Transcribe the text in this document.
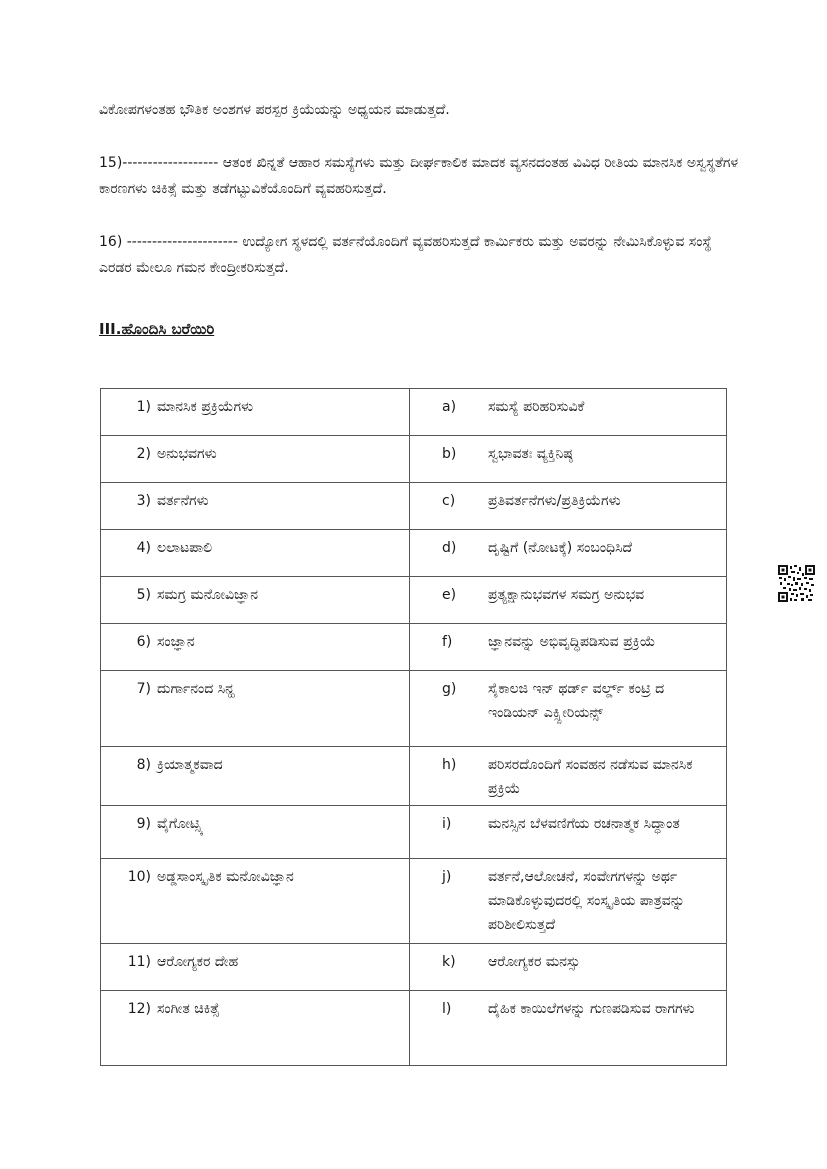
ವಿಕೋಪಗಳಂತಹ ಭೌತಿಕ ಅಂಶಗಳ ಪರಸ್ಪರ ಕ್ರಿಯೆಯನ್ನು ಅಧ್ಯಯನ ಮಾಡುತ್ತದೆ.

15)------------------- ಆತಂಕ ಖಿನ್ನತೆ ಆಹಾರ ಸಮಸ್ಯೆಗಳು ಮತ್ತು ದೀರ್ಘಕಾಲಿಕ ಮಾದಕ ವ್ಯಸನದಂತಹ ವಿವಿಧ ರೀತಿಯ ಮಾನಸಿಕ ಅಸ್ವಸ್ಥತೆಗಳ ಕಾರಣಗಳು ಚಿಕಿತ್ಸೆ ಮತ್ತು ತಡೆಗಟ್ಟುವಿಕೆಯೊಂದಿಗೆ ವ್ಯವಹರಿಸುತ್ತದೆ.

16) ---------------------- ಉದ್ಯೋಗ ಸ್ಥಳದಲ್ಲಿ ವರ್ತನೆಯೊಂದಿಗೆ ವ್ಯವಹರಿಸುತ್ತದೆ ಕಾರ್ಮಿಕರು ಮತ್ತು ಅವರನ್ನು ನೇಮಿಸಿಕೊಳ್ಳುವ ಸಂಸ್ಥೆ ಎರಡರ ಮೇಲೂ ಗಮನ ಕೇಂದ್ರೀಕರಿಸುತ್ತದೆ.

III.ಹೊಂದಿಸಿ ಬರೆಯಿರಿ

1) ಮಾನಸಿಕ ಪ್ರಕ್ರಿಯೆಗಳು	a) ಸಮಸ್ಯೆ ಪರಿಹರಿಸುವಿಕೆ

2) ಅನುಭವಗಳು	b) ಸ್ವಭಾವತಃ ವ್ಯಕ್ತಿನಿಷ್ಠ

3) ವರ್ತನೆಗಳು	c) ಪ್ರತಿವರ್ತನೆಗಳು/ಪ್ರತಿಕ್ರಿಯೆಗಳು

4) ಲಲಾಟಪಾಲಿ	d) ದೃಷ್ಟಿಗೆ (ನೋಟಕ್ಕೆ) ಸಂಬಂಧಿಸಿದೆ

5) ಸಮಗ್ರ ಮನೋವಿಜ್ಞಾನ	e) ಪ್ರತ್ಯಕ್ಷಾನುಭವಗಳ ಸಮಗ್ರ ಅನುಭವ

6) ಸಂಜ್ಞಾನ	f) ಜ್ಞಾನವನ್ನು ಅಭಿವೃದ್ಧಿಪಡಿಸುವ ಪ್ರಕ್ರಿಯೆ

7) ದುರ್ಗಾನಂದ ಸಿನ್ಹ	g) ಸೈಕಾಲಜಿ ಇನ್ ಥರ್ಡ್ ವರ್ಲ್ಡ್ ಕಂಟ್ರಿ ದ ಇಂಡಿಯನ್ ಎಕ್ಸ್ಪೀರಿಯನ್ಸ್

8) ಕ್ರಿಯಾತ್ಮಕವಾದ	h) ಪರಿಸರದೊಂದಿಗೆ ಸಂವಹನ ನಡೆಸುವ ಮಾನಸಿಕ ಪ್ರಕ್ರಿಯೆ

9) ವೈಗೋಟ್ಸ್ಕಿ	i) ಮನಸ್ಸಿನ ಬೆಳವಣಿಗೆಯ ರಚನಾತ್ಮಕ ಸಿದ್ಧಾಂತ

10) ಅಡ್ಡಸಾಂಸ್ಕೃತಿಕ ಮನೋವಿಜ್ಞಾನ	j) ವರ್ತನೆ,ಆಲೋಚನೆ, ಸಂವೇಗಗಳನ್ನು ಅರ್ಥ ಮಾಡಿಕೊಳ್ಳುವುದರಲ್ಲಿ ಸಂಸ್ಕೃತಿಯ ಪಾತ್ರವನ್ನು ಪರಿಶೀಲಿಸುತ್ತದೆ

11) ಆರೋಗ್ಯಕರ ದೇಹ	k) ಆರೋಗ್ಯಕರ ಮನಸ್ಸು

12) ಸಂಗೀತ ಚಿಕಿತ್ಸೆ	l) ದೈಹಿಕ ಕಾಯಿಲೆಗಳನ್ನು ಗುಣಪಡಿಸುವ ರಾಗಗಳು
